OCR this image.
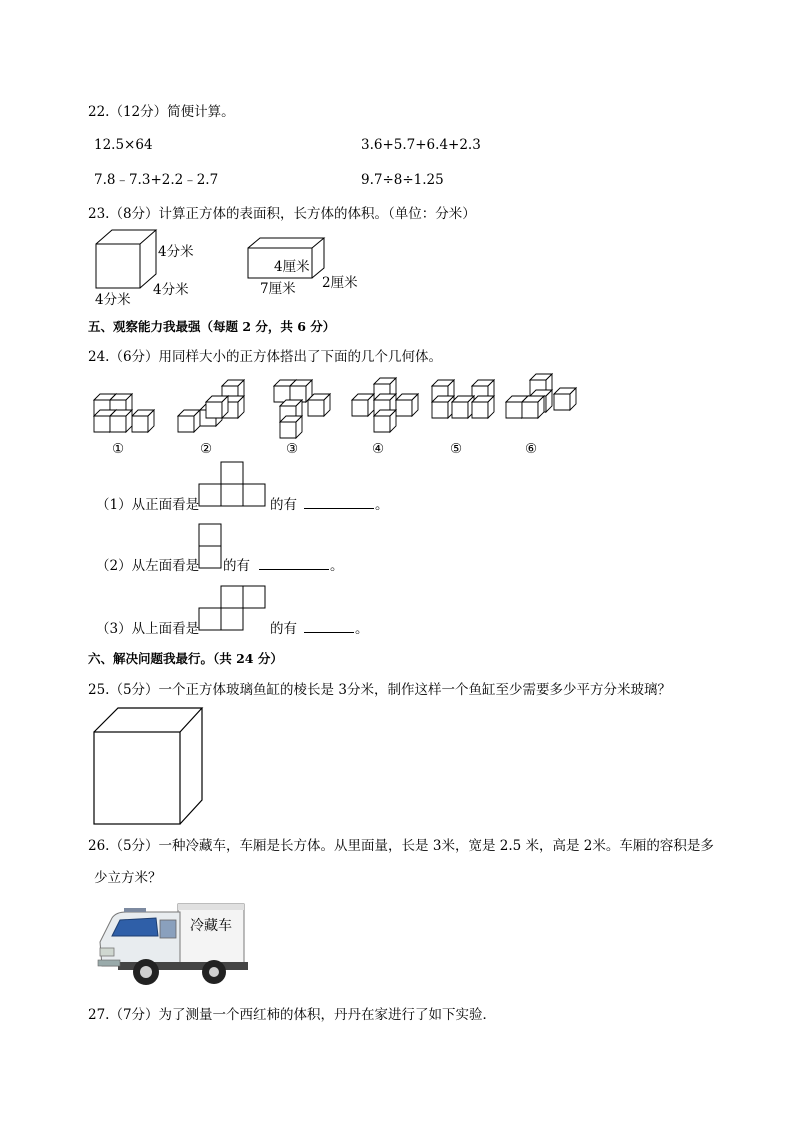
22.（12分）简便计算。
12.5×64	3.6+5.7+6.4+2.3
7.8﹣7.3+2.2﹣2.7	9.7÷8÷1.25
23.（8分）计算正方体的表面积，长方体的体积。（单位：分米）
4分米
4分米
4分米
4厘米
7厘米 2厘米
五、观察能力我最强（每题 2 分，共 6 分）
24.（6分）用同样大小的正方体搭出了下面的几个几何体。
①	②	③	④	⑤	⑥
（1）从正面看是	的有	。
（2）从左面看是 的有	。
（3）从上面看是	的有	。
六、解决问题我最行。（共 24 分）
25.（5分）一个正方体玻璃鱼缸的棱长是 3分米，制作这样一个鱼缸至少需要多少平方分米玻璃？
26.（5分）一种冷藏车，车厢是长方体。从里面量，长是 3米，宽是 2.5 米，高是 2米。车厢的容积是多
少立方米？
冷藏车
27.（7分）为了测量一个西红柿的体积，丹丹在家进行了如下实验．
